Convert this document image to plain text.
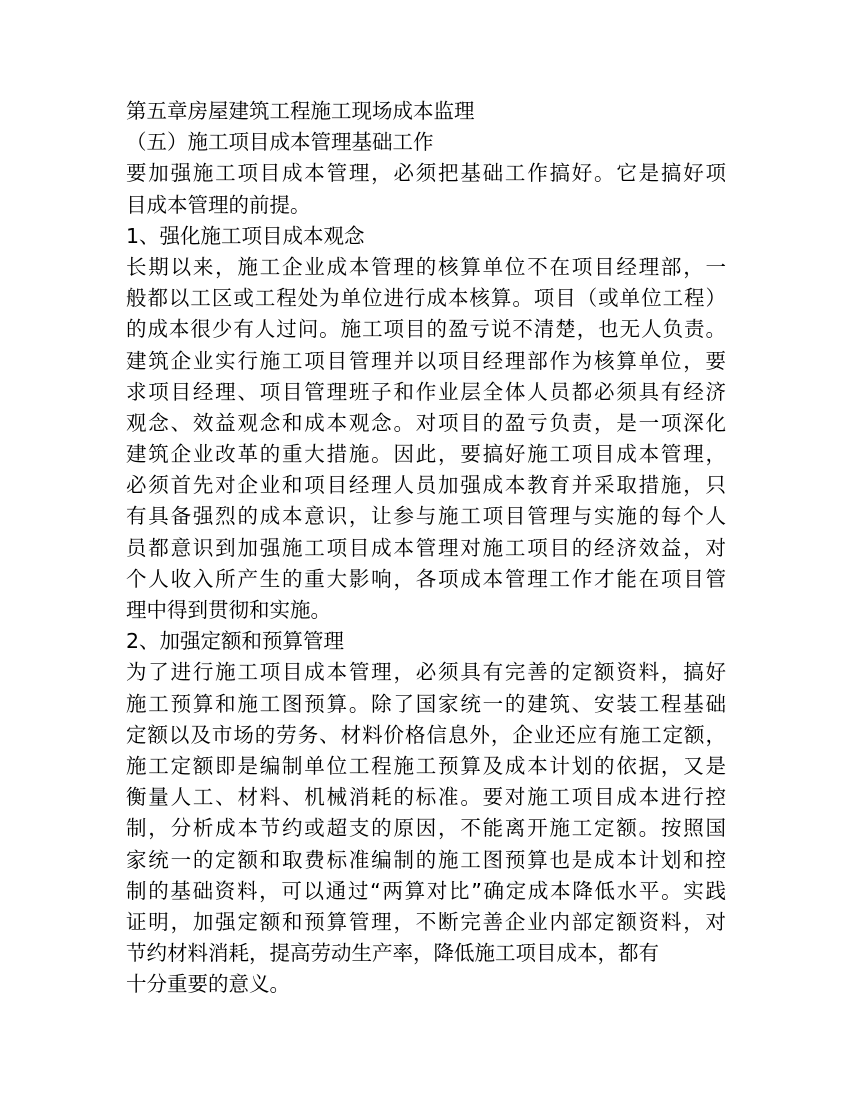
第五章房屋建筑工程施工现场成本监理
（五）施工项目成本管理基础工作
要加强施工项目成本管理，必须把基础工作搞好。它是搞好项
目成本管理的前提。
1、强化施工项目成本观念
长期以来，施工企业成本管理的核算单位不在项目经理部，一
般都以工区或工程处为单位进行成本核算。项目（或单位工程）
的成本很少有人过问。施工项目的盈亏说不清楚，也无人负责。
建筑企业实行施工项目管理并以项目经理部作为核算单位，要
求项目经理、项目管理班子和作业层全体人员都必须具有经济
观念、效益观念和成本观念。对项目的盈亏负责，是一项深化
建筑企业改革的重大措施。因此，要搞好施工项目成本管理，
必须首先对企业和项目经理人员加强成本教育并采取措施，只
有具备强烈的成本意识，让参与施工项目管理与实施的每个人
员都意识到加强施工项目成本管理对施工项目的经济效益，对
个人收入所产生的重大影响，各项成本管理工作才能在项目管
理中得到贯彻和实施。
2、加强定额和预算管理
为了进行施工项目成本管理，必须具有完善的定额资料，搞好
施工预算和施工图预算。除了国家统一的建筑、安装工程基础
定额以及市场的劳务、材料价格信息外，企业还应有施工定额，
施工定额即是编制单位工程施工预算及成本计划的依据，又是
衡量人工、材料、机械消耗的标准。要对施工项目成本进行控
制，分析成本节约或超支的原因，不能离开施工定额。按照国
家统一的定额和取费标准编制的施工图预算也是成本计划和控
制的基础资料，可以通过“两算对比”确定成本降低水平。实践
证明，加强定额和预算管理，不断完善企业内部定额资料，对
节约材料消耗，提高劳动生产率，降低施工项目成本，都有
十分重要的意义。
